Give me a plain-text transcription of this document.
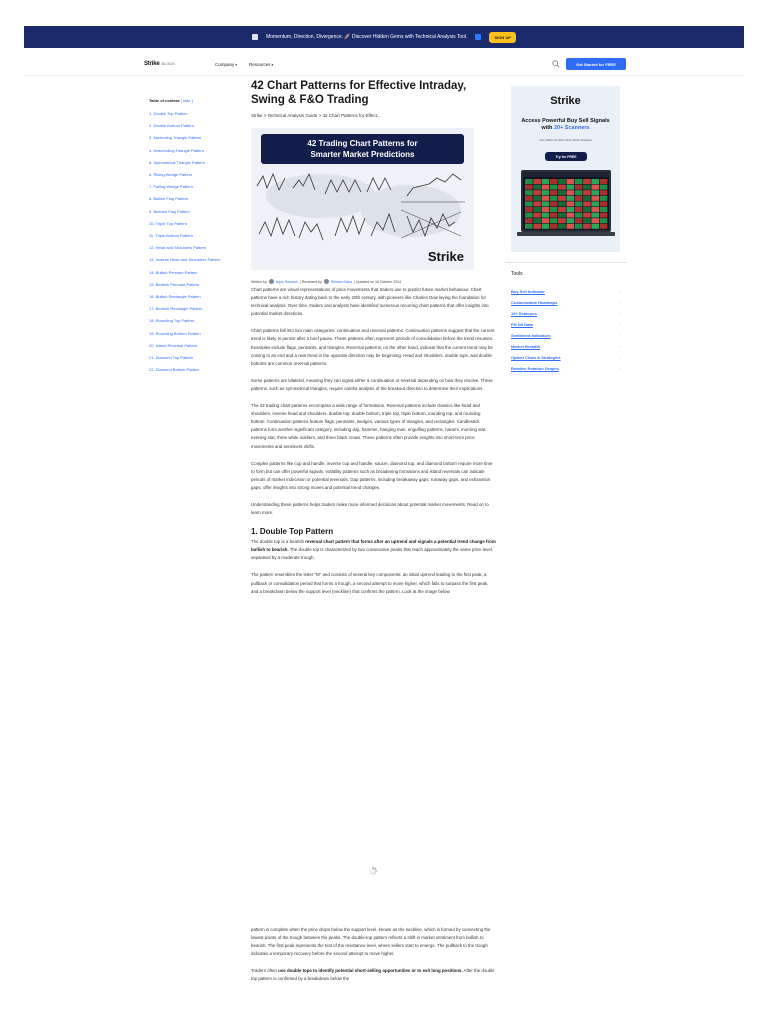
Momentum, Direction, Divergence. 🚀 Discover Hidden Gems with Technical Analysis Tool.	SIGN UP
Strike BLOGS	Company▾	Resources▾	Get Started for FREE
Table of content [ hide ]
1. Double Top Pattern
2. Double Bottom Pattern
3. Ascending Triangle Pattern
4. Descending Triangle Pattern
5. Symmetrical Triangle Pattern
6. Rising Wedge Pattern
7. Falling Wedge Pattern
8. Bullish Flag Pattern
9. Bearish Flag Pattern
10. Triple Top Pattern
11. Triple Bottom Pattern
12. Head and Shoulders Pattern
13. Inverse Head and Shoulders Pattern
14. Bullish Pennant Pattern
15. Bearish Pennant Pattern
16. Bullish Rectangle Pattern
17. Bearish Rectangle Pattern
18. Rounding Top Pattern
19. Rounding Bottom Pattern
20. Island Reversal Pattern
21. Diamond Top Pattern
22. Diamond Bottom Pattern
42 Chart Patterns for Effective Intraday, Swing & F&O Trading
Strike > Technical Analysis Guide > 42 Chart Patterns for Effect...
42 Trading Chart Patterns for
Smarter Market Predictions
Strike
Written by	Arjun Remesh | Reviewed by	Shivam Gaba | Updated on 16 October 2024

Chart patterns are visual representations of price movements that traders use to predict future market behaviour. Chart patterns have a rich history dating back to the early 20th century, with pioneers like Charles Dow laying the foundation for technical analysis. Over time, traders and analysts have identified numerous recurring chart patterns that offer insights into potential market directions.

Chart patterns fall into two main categories: continuation and reversal patterns. Continuation patterns suggest that the current trend is likely to persist after a brief pause. These patterns often represent periods of consolidation before the trend resumes. Examples include flags, pennants, and triangles. Reversal patterns, on the other hand, indicate that the current trend may be coming to an end and a new trend in the opposite direction may be beginning. Head and shoulders, double tops, and double bottoms are common reversal patterns.

Some patterns are bilateral, meaning they can signal either a continuation or reversal depending on how they resolve. These patterns, such as symmetrical triangles, require careful analysis of the breakout direction to determine their implications.

The 42 trading chart patterns encompass a wide range of formations. Reversal patterns include classics like head and shoulders, inverse head and shoulders, double top, double bottom, triple top, triple bottom, rounding top, and rounding bottom. Continuation patterns feature flags, pennants, wedges, various types of triangles, and rectangles. Candlestick patterns form another significant category, including doji, hammer, hanging man, engulfing patterns, harami, morning star, evening star, three white soldiers, and three black crows. These patterns often provide insights into short-term price movements and sentiment shifts.

Complex patterns like cup and handle, inverse cup and handle, saucer, diamond top, and diamond bottom require more time to form but can offer powerful signals. Volatility patterns such as broadening formations and island reversals can indicate periods of market indecision or potential reversals. Gap patterns, including breakaway gaps, runaway gaps, and exhaustion gaps, offer insights into strong moves and potential trend changes.

Understanding these patterns helps traders make more informed decisions about potential market movements. Read on to learn more.

1. Double Top Pattern

The double top is a bearish reversal chart pattern that forms after an uptrend and signals a potential trend change from bullish to bearish. The double top is characterized by two consecutive peaks that reach approximately the same price level, separated by a moderate trough.

The pattern resembles the letter "M" and consists of several key components: an initial uptrend leading to the first peak, a pullback or consolidation period that forms a trough, a second attempt to move higher, which fails to surpass the first peak, and a breakdown below the support level (neckline) that confirms the pattern. Look at the image below.

pattern is complete when the price drops below the support level, known as the neckline, which is formed by connecting the lowest points of the trough between the peaks. The double-top pattern reflects a shift in market sentiment from bullish to bearish. The first peak represents the test of the resistance level, where sellers start to emerge. The pullback to the trough indicates a temporary recovery before the second attempt to move higher.

Traders often use double tops to identify potential short-selling opportunities or to exit long positions. After the double top pattern is confirmed by a breakdown below the

Strike
Access Powerful Buy Sell Signals with 20+ Scanners
Join Strike for All-in-One Stock Analysis
Try for FREE
Tools
Buy Sell Indicator	›
Customizable Heatmaps	›
15+ Scanners	›
FII/ DII Data	›
Sentiment Indicators	›
Market Breadth	›
Option Chain & Strategies	›
Relative Rotation Graphs	›
